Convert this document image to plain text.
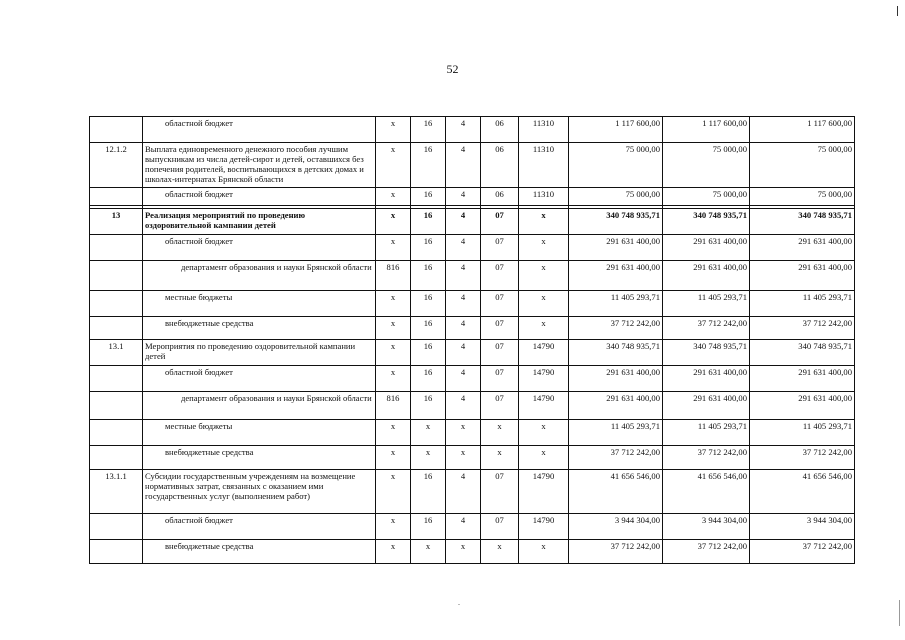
52
	областной бюджет	х	16	4	06	11310	1 117 600,00	1 117 600,00	1 117 600,00
12.1.2	Выплата единовременного денежного пособия лучшим выпускникам из числа детей-сирот и детей, оставшихся без попечения родителей, воспитывающихся в детских домах и школах-интернатах Брянской области	х	16	4	06	11310	75 000,00	75 000,00	75 000,00
	областной бюджет	х	16	4	06	11310	75 000,00	75 000,00	75 000,00

13	Реализация мероприятий по проведению оздоровительной кампании детей	х	16	4	07	х	340 748 935,71	340 748 935,71	340 748 935,71
	областной бюджет	х	16	4	07	х	291 631 400,00	291 631 400,00	291 631 400,00
	департамент образования и науки Брянской области	816	16	4	07	х	291 631 400,00	291 631 400,00	291 631 400,00
	местные бюджеты	х	16	4	07	х	11 405 293,71	11 405 293,71	11 405 293,71
	внебюджетные средства	х	16	4	07	х	37 712 242,00	37 712 242,00	37 712 242,00
13.1	Мероприятия по проведению оздоровительной кампании детей	х	16	4	07	14790	340 748 935,71	340 748 935,71	340 748 935,71
	областной бюджет	х	16	4	07	14790	291 631 400,00	291 631 400,00	291 631 400,00
	департамент образования и науки Брянской области	816	16	4	07	14790	291 631 400,00	291 631 400,00	291 631 400,00
	местные бюджеты	х	х	х	х	х	11 405 293,71	11 405 293,71	11 405 293,71
	внебюджетные средства	х	х	х	х	х	37 712 242,00	37 712 242,00	37 712 242,00
13.1.1	Субсидии государственным учреждениям на возмещение нормативных затрат, связанных с оказанием ими государственных услуг (выполнением работ)	х	16	4	07	14790	41 656 546,00	41 656 546,00	41 656 546,00
	областной бюджет	х	16	4	07	14790	3 944 304,00	3 944 304,00	3 944 304,00
	внебюджетные средства	х	х	х	х	х	37 712 242,00	37 712 242,00	37 712 242,00
